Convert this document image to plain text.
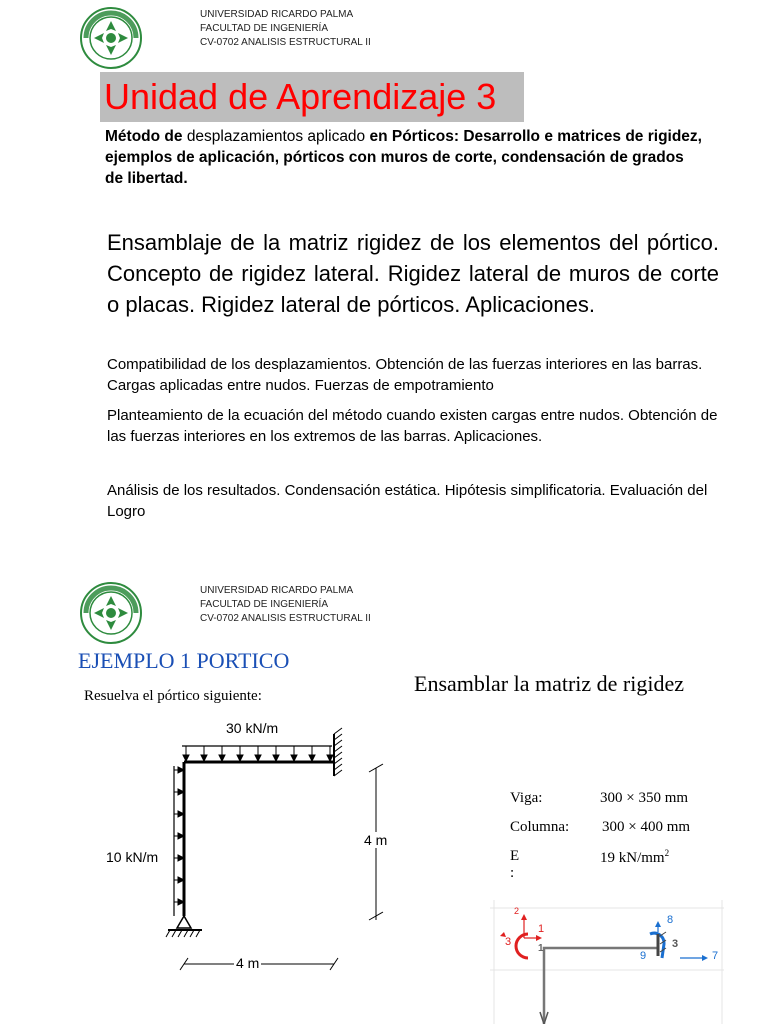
UNIVERSIDAD RICARDO PALMA
FACULTAD DE INGENIERÍA
CV-0702 ANALISIS ESTRUCTURAL II
Unidad de Aprendizaje 3
Método de desplazamientos aplicado en Pórticos: Desarrollo e matrices de rigidez, ejemplos de aplicación, pórticos con muros de corte, condensación de grados de libertad.
Ensamblaje de la matriz rigidez de los elementos del pórtico. Concepto de rigidez lateral. Rigidez lateral de muros de corte o placas. Rigidez lateral de pórticos. Aplicaciones.
Compatibilidad de los desplazamientos. Obtención de las fuerzas interiores en las barras. Cargas aplicadas entre nudos. Fuerzas de empotramiento
Planteamiento de la ecuación del método cuando existen cargas entre nudos. Obtención de las fuerzas interiores en los extremos de las barras. Aplicaciones.
Análisis de los resultados. Condensación estática. Hipótesis simplificatoria. Evaluación del Logro
UNIVERSIDAD RICARDO PALMA
FACULTAD DE INGENIERÍA
CV-0702 ANALISIS ESTRUCTURAL II
EJEMPLO 1 PORTICO
Resuelva el pórtico siguiente:	Ensamblar la matriz de rigidez
30 kN/m
10 kN/m
4 m
4 m
Viga:	300 × 350 mm
Columna: 300 × 400 mm
E :
19 $kN/mm^2$
2
1
3
1
8
9
3
7
